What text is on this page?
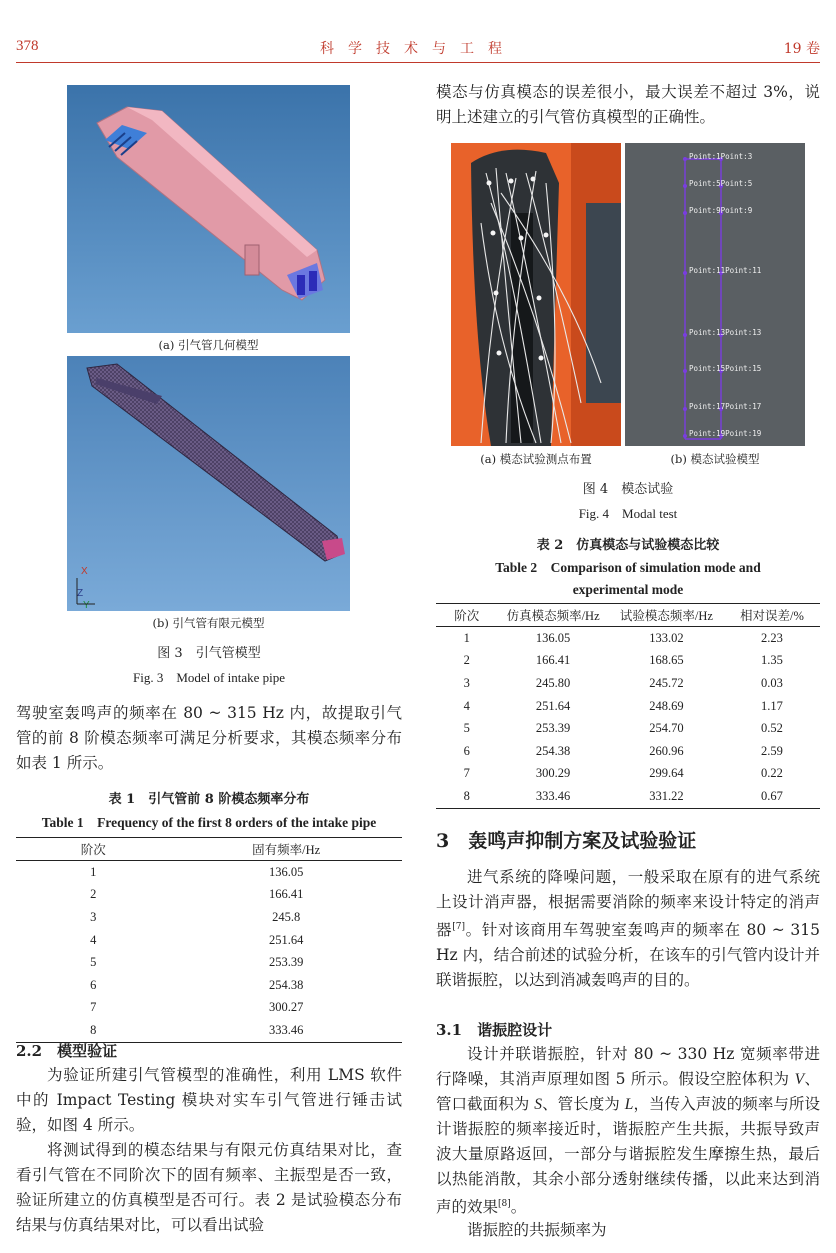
378	科学技术与工程	19 卷
(a) 引气管几何模型
X
Z
Y
(b) 引气管有限元模型
图 3　引气管模型
Fig. 3　Model of intake pipe

驾驶室轰鸣声的频率在 80 ~ 315 Hz 内，故提取引气管的前 8 阶模态频率可满足分析要求，其模态频率分布如表 1 所示。

表 1　引气管前 8 阶模态频率分布
Table 1　Frequency of the first 8 orders of the intake pipe
阶次	固有频率/Hz
1	136.05
2	166.41
3	245.8
4	251.64
5	253.39
6	254.38
7	300.27
8	333.46
2.2　模型验证

为验证所建引气管模型的准确性，利用 LMS 软件中的 Impact Testing 模块对实车引气管进行锤击试验，如图 4 所示。

将测试得到的模态结果与有限元仿真结果对比，查看引气管在不同阶次下的固有频率、主振型是否一致，验证所建立的仿真模型是否可行。表 2 是试验模态分布结果与仿真结果对比，可以看出试验

模态与仿真模态的误差很小，最大误差不超过 3%，说明上述建立的引气管仿真模型的正确性。

Point:1Point:3
Point:5Point:5
Point:9Point:9
Point:11Point:11
Point:13Point:13
Point:15Point:15
Point:17Point:17
Point:19Point:19
(a) 模态试验测点布置	(b) 模态试验模型
图 4　模态试验
Fig. 4　Modal test
表 2　仿真模态与试验模态比较
Table 2　Comparison of simulation mode and
experimental mode
阶次	仿真模态频率/Hz	试验模态频率/Hz	相对误差/%
1	136.05	133.02	2.23
2	166.41	168.65	1.35
3	245.80	245.72	0.03
4	251.64	248.69	1.17
5	253.39	254.70	0.52
6	254.38	260.96	2.59
7	300.29	299.64	0.22
8	333.46	331.22	0.67
3　轰鸣声抑制方案及试验验证

进气系统的降噪问题，一般采取在原有的进气系统上设计消声器，根据需要消除的频率来设计特定的消声器[7]。针对该商用车驾驶室轰鸣声的频率在 80 ~ 315 Hz 内，结合前述的试验分析，在该车的引气管内设计并联谐振腔，以达到消减轰鸣声的目的。

3.1　谐振腔设计

设计并联谐振腔，针对 80 ~ 330 Hz 宽频率带进行降噪，其消声原理如图 5 所示。假设空腔体积为 V、管口截面积为 S、管长度为 L，当传入声波的频率与所设计谐振腔的频率接近时，谐振腔产生共振，共振导致声波大量原路返回，一部分与谐振腔发生摩擦生热，最后以热能消散，其余小部分透射继续传播，以此来达到消声的效果[8]。

谐振腔的共振频率为
